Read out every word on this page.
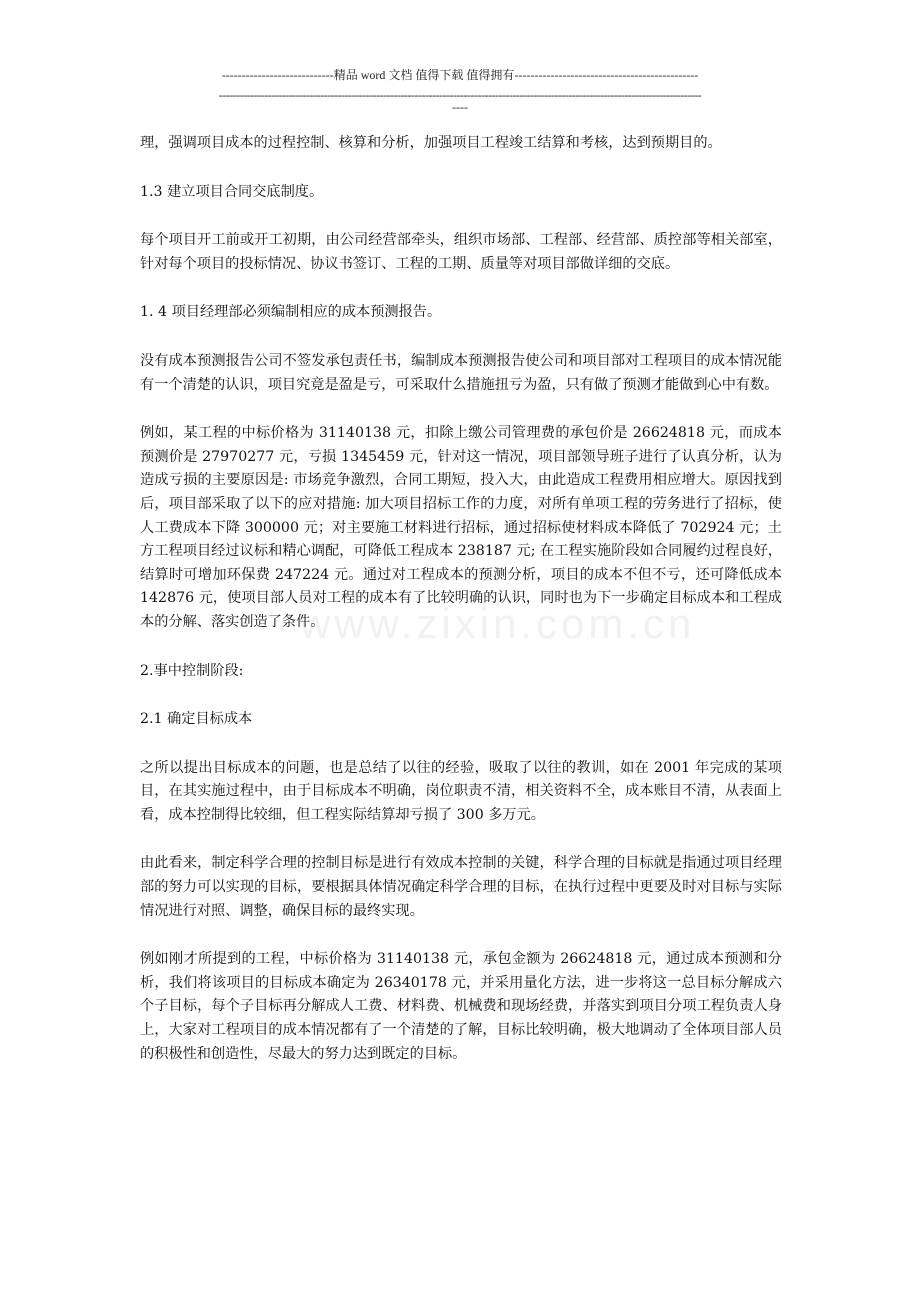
----------------------------精品 word 文档 值得下载 值得拥有----------------------------------------------
------------------------------------------------------------------------------------------------------------------------------------------
----
www.zixin.com.cn

理，强调项目成本的过程控制、核算和分析，加强项目工程竣工结算和考核，达到预期目的。

1.3 建立项目合同交底制度。

每个项目开工前或开工初期，由公司经营部牵头，组织市场部、工程部、经营部、质控部等相关部室，针对每个项目的投标情况、协议书签订、工程的工期、质量等对项目部做详细的交底。

1. 4 项目经理部必须编制相应的成本预测报告。

没有成本预测报告公司不签发承包责任书，编制成本预测报告使公司和项目部对工程项目的成本情况能有一个清楚的认识，项目究竟是盈是亏，可采取什么措施扭亏为盈，只有做了预测才能做到心中有数。

例如，某工程的中标价格为 31140138 元，扣除上缴公司管理费的承包价是 26624818 元，而成本预测价是 27970277 元，亏损 1345459 元，针对这一情况，项目部领导班子进行了认真分析，认为造成亏损的主要原因是: 市场竞争激烈，合同工期短，投入大，由此造成工程费用相应增大。原因找到后，项目部采取了以下的应对措施: 加大项目招标工作的力度，对所有单项工程的劳务进行了招标，使人工费成本下降 300000 元；对主要施工材料进行招标，通过招标使材料成本降低了 702924 元；土方工程项目经过议标和精心调配，可降低工程成本 238187 元; 在工程实施阶段如合同履约过程良好，结算时可增加环保费 247224 元。通过对工程成本的预测分析，项目的成本不但不亏，还可降低成本 142876 元，使项目部人员对工程的成本有了比较明确的认识，同时也为下一步确定目标成本和工程成本的分解、落实创造了条件。

2.事中控制阶段:

2.1 确定目标成本

之所以提出目标成本的问题，也是总结了以往的经验，吸取了以往的教训，如在 2001 年完成的某项目，在其实施过程中，由于目标成本不明确，岗位职责不清，相关资料不全，成本账目不清，从表面上看，成本控制得比较细，但工程实际结算却亏损了 300 多万元。

由此看来，制定科学合理的控制目标是进行有效成本控制的关键，科学合理的目标就是指通过项目经理部的努力可以实现的目标，要根据具体情况确定科学合理的目标，在执行过程中更要及时对目标与实际情况进行对照、调整，确保目标的最终实现。

例如刚才所提到的工程，中标价格为 31140138 元，承包金额为 26624818 元，通过成本预测和分析，我们将该项目的目标成本确定为 26340178 元，并采用量化方法，进一步将这一总目标分解成六个子目标，每个子目标再分解成人工费、材料费、机械费和现场经费，并落实到项目分项工程负责人身上，大家对工程项目的成本情况都有了一个清楚的了解，目标比较明确，极大地调动了全体项目部人员的积极性和创造性，尽最大的努力达到既定的目标。
